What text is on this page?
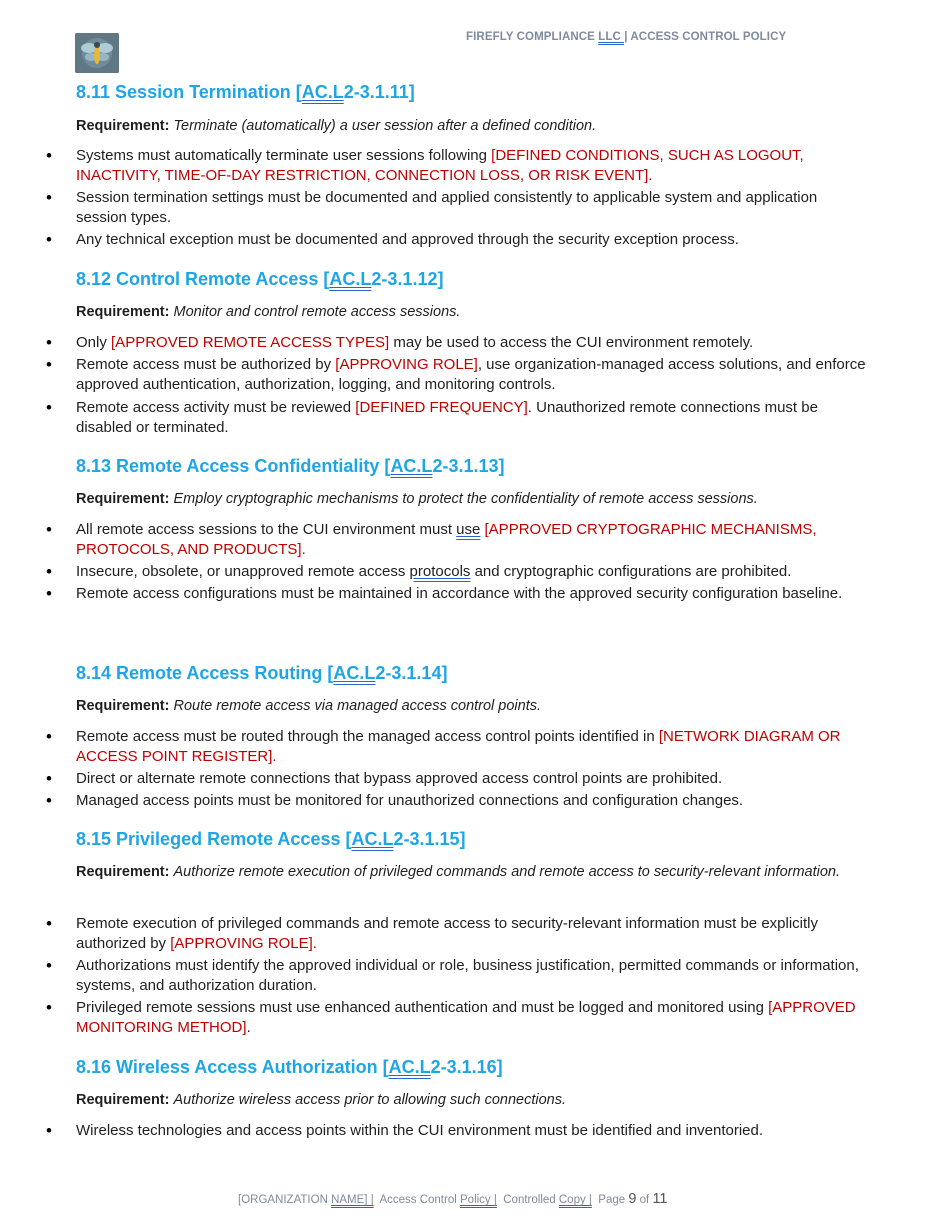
FIREFLY COMPLIANCE LLC | ACCESS CONTROL POLICY
8.11 Session Termination [AC.L2-3.1.11]
Requirement: Terminate (automatically) a user session after a defined condition.
• Systems must automatically terminate user sessions following [DEFINED CONDITIONS, SUCH AS LOGOUT, INACTIVITY, TIME-OF-DAY RESTRICTION, CONNECTION LOSS, OR RISK EVENT].
• Session termination settings must be documented and applied consistently to applicable system and application session types.
• Any technical exception must be documented and approved through the security exception process.
8.12 Control Remote Access [AC.L2-3.1.12]
Requirement: Monitor and control remote access sessions.
• Only [APPROVED REMOTE ACCESS TYPES] may be used to access the CUI environment remotely.
• Remote access must be authorized by [APPROVING ROLE], use organization-managed access solutions, and enforce approved authentication, authorization, logging, and monitoring controls.
• Remote access activity must be reviewed [DEFINED FREQUENCY]. Unauthorized remote connections must be disabled or terminated.
8.13 Remote Access Confidentiality [AC.L2-3.1.13]
Requirement: Employ cryptographic mechanisms to protect the confidentiality of remote access sessions.
• All remote access sessions to the CUI environment must use [APPROVED CRYPTOGRAPHIC MECHANISMS, PROTOCOLS, AND PRODUCTS].
• Insecure, obsolete, or unapproved remote access protocols and cryptographic configurations are prohibited.
• Remote access configurations must be maintained in accordance with the approved security configuration baseline.
8.14 Remote Access Routing [AC.L2-3.1.14]
Requirement: Route remote access via managed access control points.
• Remote access must be routed through the managed access control points identified in [NETWORK DIAGRAM OR ACCESS POINT REGISTER].
• Direct or alternate remote connections that bypass approved access control points are prohibited.
• Managed access points must be monitored for unauthorized connections and configuration changes.
8.15 Privileged Remote Access [AC.L2-3.1.15]
Requirement: Authorize remote execution of privileged commands and remote access to security-relevant information.
• Remote execution of privileged commands and remote access to security-relevant information must be explicitly authorized by [APPROVING ROLE].
• Authorizations must identify the approved individual or role, business justification, permitted commands or information, systems, and authorization duration.
• Privileged remote sessions must use enhanced authentication and must be logged and monitored using [APPROVED MONITORING METHOD].
8.16 Wireless Access Authorization [AC.L2-3.1.16]
Requirement: Authorize wireless access prior to allowing such connections.
• Wireless technologies and access points within the CUI environment must be identified and inventoried.
[ORGANIZATION NAME] | Access Control Policy | Controlled Copy | Page 9 of 11
